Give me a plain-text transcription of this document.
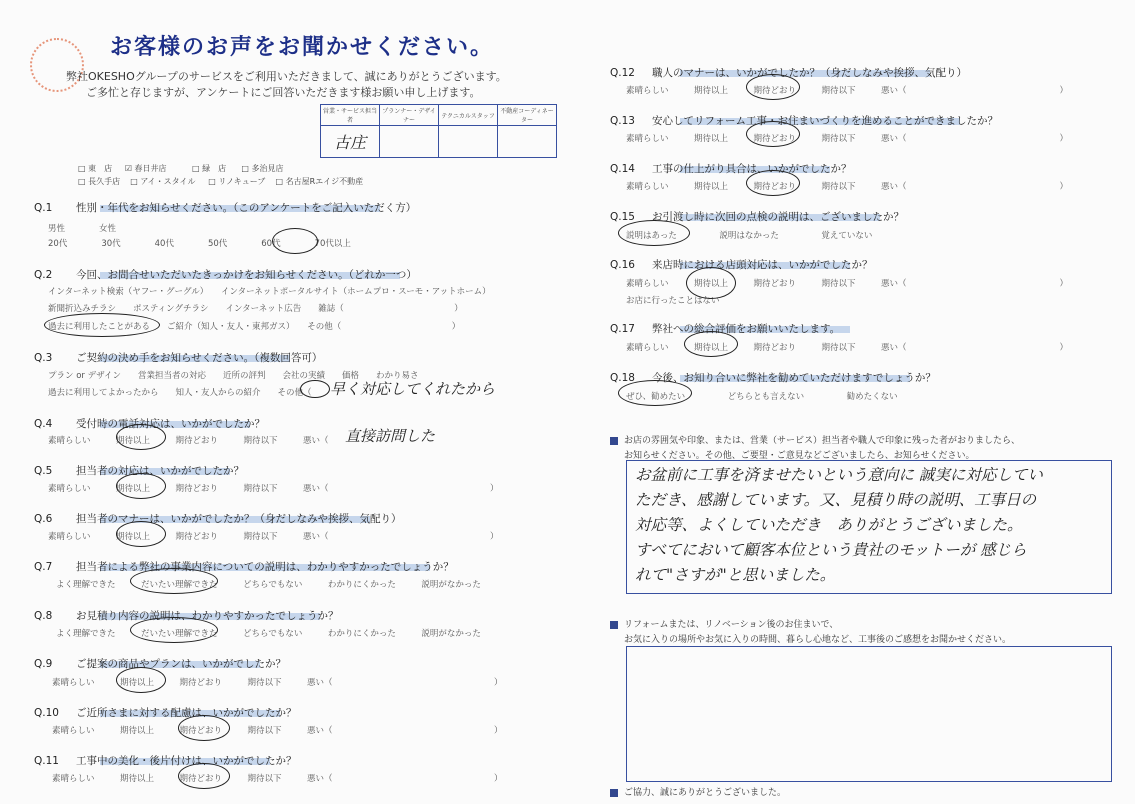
お客様のお声をお聞かせください。
弊社OKESHOグループのサービスをご利用いただきまして、誠にありがとうございます。
ご多忙と存じますが、アンケートにご回答いただきます様お願い申し上げます。
営業・サービス担当者	プランナー・デザイナー	テクニカルスタッフ	不動産コーディネーター
古庄			
□ 東　店 ☑ 春日井店	□ 緑　店 □ 多治見店
□ 長久手店 □ アイ・スタイル □ リノキューブ □ 名古屋Rエイジ不動産
Q.1 性別・年代をお知らせください。（このアンケートをご記入いただく方）
男性　　　　女性
20代　　　　30代　　　　40代　　　　50代　　　　60代　　　　70代以上
Q.2 今回、お問合せいただいたきっかけをお知らせください。（どれか一つ）
インターネット検索（ヤフー・グーグル）　　インターネットポータルサイト（ホームプロ・スーモ・アットホーム）
新聞折込みチラシ　　ポスティングチラシ　　インターネット広告　　雑誌（　　　　　　　　　　　　　）
過去に利用したことがある　　ご紹介（知人・友人・東邦ガス）　　その他（　　　　　　　　　　　　　）
Q.3 ご契約の決め手をお知らせください。（複数回答可）
プラン or デザイン　　営業担当者の対応　　近所の評判　　会社の実績　　価格　　わかり易さ
過去に利用してよかったから　　知人・友人からの紹介　　その他（ 早く対応してくれたから
Q.4 受付時の電話対応は、いかがでしたか？
素晴らしい　　　期待以上　　　期待どおり　　　期待以下　　　悪い（ 直接訪問した
Q.5 担当者の対応は、いかがでしたか？
素晴らしい　　　期待以上　　　期待どおり　　　期待以下　　　悪い（　　　　　　　　　　　　　　　　　　　）
Q.6 担当者のマナーは、いかがでしたか？（身だしなみや挨拶、気配り）
素晴らしい　　　期待以上　　　期待どおり　　　期待以下　　　悪い（　　　　　　　　　　　　　　　　　　　）
Q.7 担当者による弊社の事業内容についての説明は、わかりやすかったでしょうか？
よく理解できた　　　だいたい理解できた　　　どちらでもない　　　わかりにくかった　　　説明がなかった
Q.8 お見積り内容の説明は、わかりやすかったでしょうか？
よく理解できた　　　だいたい理解できた　　　どちらでもない　　　わかりにくかった　　　説明がなかった
Q.9 ご提案の商品やプランは、いかがでしたか？
素晴らしい　　　期待以上　　　期待どおり　　　期待以下　　　悪い（　　　　　　　　　　　　　　　　　　　）
Q.10 ご近所さまに対する配慮は、いかがでしたか？
素晴らしい　　　期待以上　　　期待どおり　　　期待以下　　　悪い（　　　　　　　　　　　　　　　　　　　）
Q.11 工事中の美化・後片付けは、いかがでしたか？
素晴らしい　　　期待以上　　　期待どおり　　　期待以下　　　悪い（　　　　　　　　　　　　　　　　　　　）
Q.12 職人のマナーは、いかがでしたか？（身だしなみや挨拶、気配り）
素晴らしい　　　期待以上　　　期待どおり　　　期待以下　　　悪い（　　　　　　　　　　　　　　　　　　）
Q.13 安心してリフォーム工事・お住まいづくりを進めることができましたか？
素晴らしい　　　期待以上　　　期待どおり　　　期待以下　　　悪い（　　　　　　　　　　　　　　　　　　）
Q.14 工事の仕上がり具合は、いかがでしたか？
素晴らしい　　　期待以上　　　期待どおり　　　期待以下　　　悪い（　　　　　　　　　　　　　　　　　　）
Q.15 お引渡し時に次回の点検の説明は、ございましたか？
説明はあった　　　　　説明はなかった　　　　　覚えていない
Q.16 来店時における店頭対応は、いかがでしたか？
素晴らしい　　　期待以上　　　期待どおり　　　期待以下　　　悪い（　　　　　　　　　　　　　　　　　　）
お店に行ったことはない
Q.17 弊社への総合評価をお願いいたします。
素晴らしい　　　期待以上　　　期待どおり　　　期待以下　　　悪い（　　　　　　　　　　　　　　　　　　）
Q.18 今後、お知り合いに弊社を勧めていただけますでしょうか？
ぜひ、勧めたい　　　　　どちらとも言えない　　　　　勧めたくない
お店の雰囲気や印象、または、営業（サービス）担当者や職人で印象に残った者がおりましたら、
お知らせください。その他、ご要望・ご意見などございましたら、お知らせください。
お盆前に工事を済ませたいという意向に 誠実に対応してい
ただき、感謝しています。又、見積り時の説明、工事日の
対応等、よくしていただき　ありがとうございました。
すべてにおいて顧客本位という貴社のモットーが 感じら
れて"さすが"と思いました。
リフォームまたは、リノベーション後のお住まいで、
お気に入りの場所やお気に入りの時間、暮らし心地など、工事後のご感想をお聞かせください。
ご協力、誠にありがとうございました。
